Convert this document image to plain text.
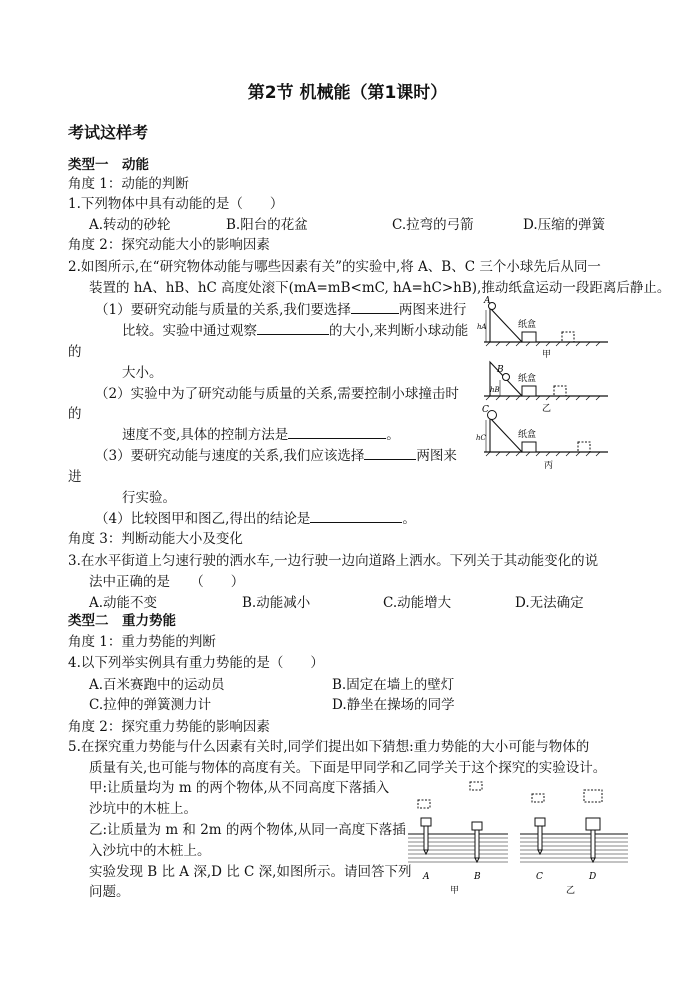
第2节 机械能（第1课时）
考试这样考
类型一　动能
角度 1：动能的判断
1.下列物体中具有动能的是（　　）
A.转动的砂轮	B.阳台的花盆	C.拉弯的弓箭	D.压缩的弹簧
角度 2：探究动能大小的影响因素
2.如图所示,在“研究物体动能与哪些因素有关”的实验中,将 A、B、C 三个小球先后从同一
装置的 hA、hB、hC 高度处滚下(mA=mB<mC, hA=hC>hB),推动纸盒运动一段距离后静止。
（1）要研究动能与质量的关系,我们要选择	两图来进行
比较。实验中通过观察	的大小,来判断小球动能
的
大小。
（2）实验中为了研究动能与质量的关系,需要控制小球撞击时
的
速度不变,具体的控制方法是	。
（3）要研究动能与速度的关系,我们应该选择	两图来
进
行实验。
（4）比较图甲和图乙,得出的结论是	。
A
hA	纸盒
甲
B
hB
纸盒
乙
C
hC	纸盒
丙
角度 3：判断动能大小及变化
3.在水平街道上匀速行驶的洒水车,一边行驶一边向道路上洒水。下列关于其动能变化的说
法中正确的是　　（　　）
A.动能不变	B.动能减小	C.动能增大	D.无法确定
类型二　重力势能
角度 1：重力势能的判断
4.以下列举实例具有重力势能的是（　　）
A.百米赛跑中的运动员	B.固定在墙上的壁灯
C.拉伸的弹簧测力计	D.静坐在操场的同学
角度 2：探究重力势能的影响因素
5.在探究重力势能与什么因素有关时,同学们提出如下猜想:重力势能的大小可能与物体的
质量有关,也可能与物体的高度有关。下面是甲同学和乙同学关于这个探究的实验设计。
甲:让质量均为 m 的两个物体,从不同高度下落插入
沙坑中的木桩上。
乙:让质量为 m 和 2m 的两个物体,从同一高度下落插
入沙坑中的木桩上。
实验发现 B 比 A 深,D 比 C 深,如图所示。请回答下列
问题。
A	B
甲
C	D
乙
